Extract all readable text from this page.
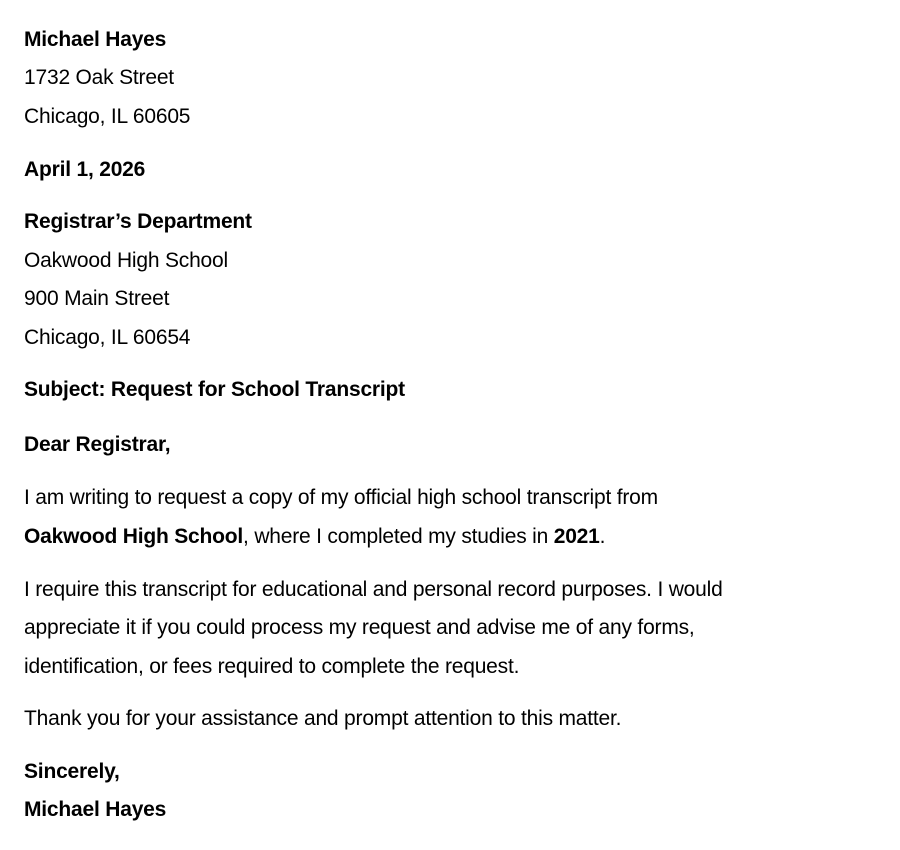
Michael Hayes
1732 Oak Street
Chicago, IL 60605
April 1, 2026
Registrar’s Department
Oakwood High School
900 Main Street
Chicago, IL 60654
Subject: Request for School Transcript
Dear Registrar,
I am writing to request a copy of my official high school transcript from
Oakwood High School, where I completed my studies in 2021.
I require this transcript for educational and personal record purposes. I would
appreciate it if you could process my request and advise me of any forms,
identification, or fees required to complete the request.
Thank you for your assistance and prompt attention to this matter.
Sincerely,
Michael Hayes
